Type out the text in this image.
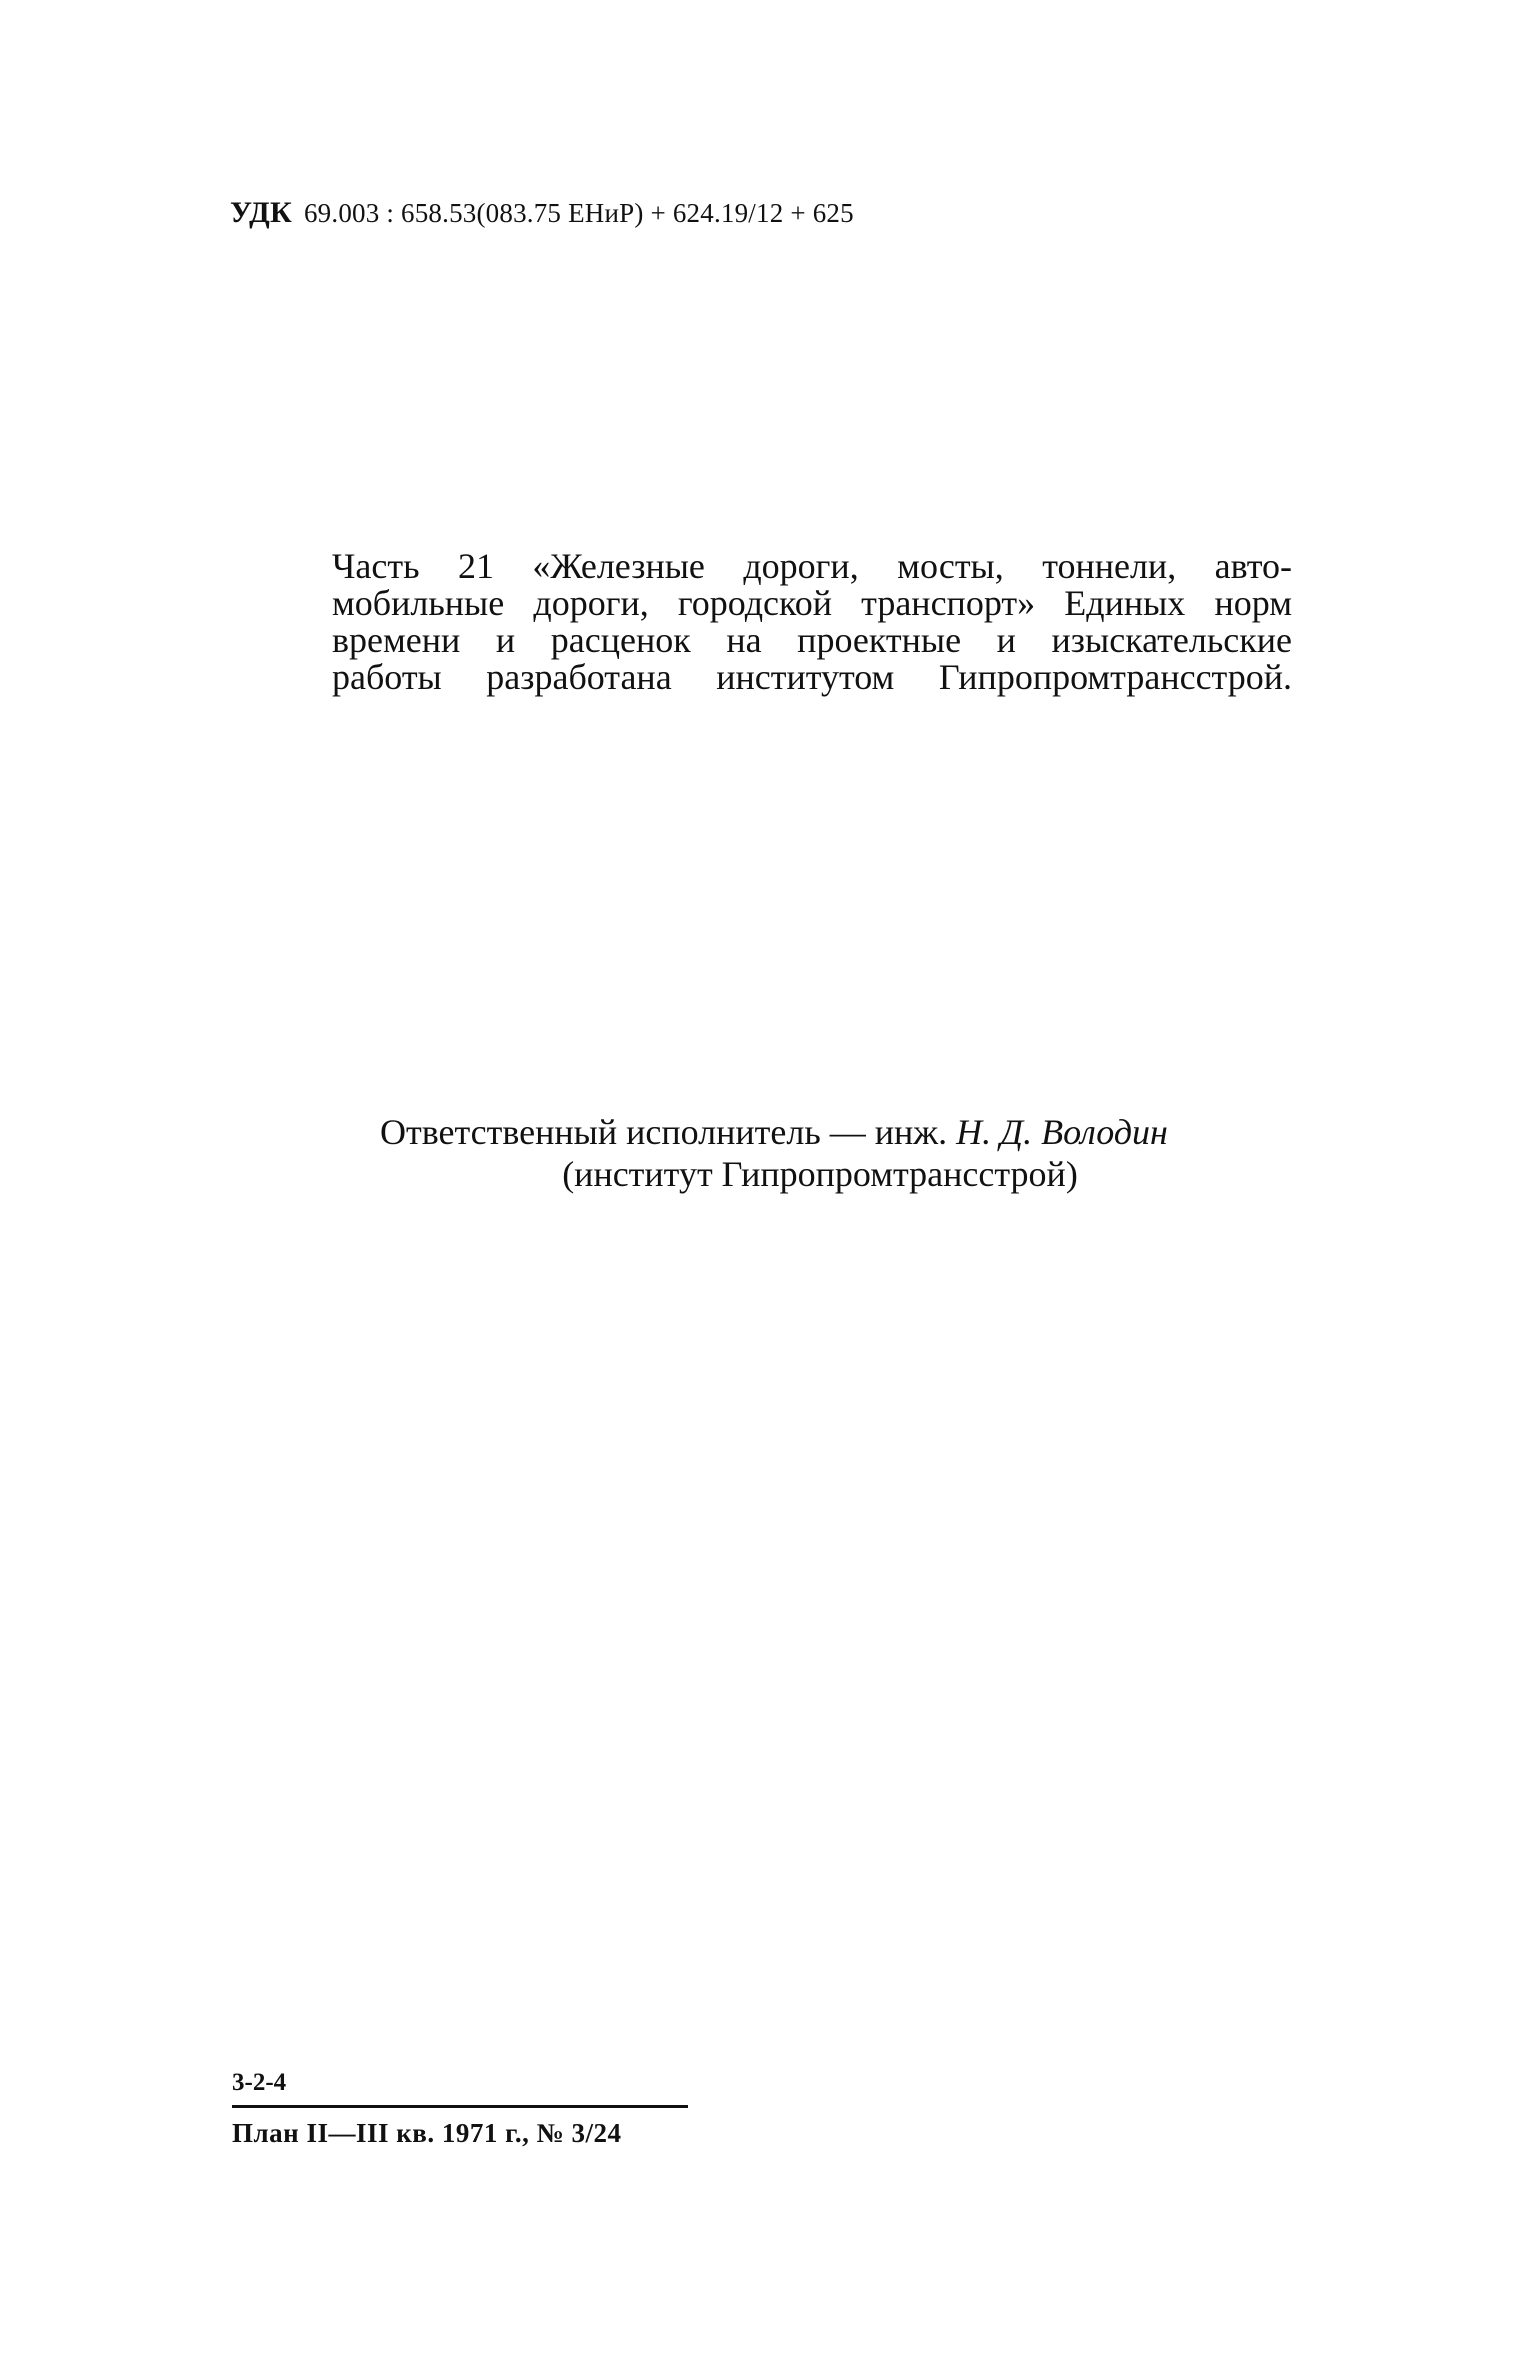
УДК 69.003 : 658.53(083.75 ЕНиР) + 624.19/12 + 625
Часть 21 «Железные дороги, мосты, тоннели, авто-
мобильные дороги, городской транспорт» Единых норм
времени и расценок на проектные и изыскательские
работы разработана институтом Гипропромтрансстрой.
Ответственный исполнитель — инж. Н. Д. Володин
(институт Гипропромтрансстрой)
3-2-4
План II—III кв. 1971 г., № 3/24
